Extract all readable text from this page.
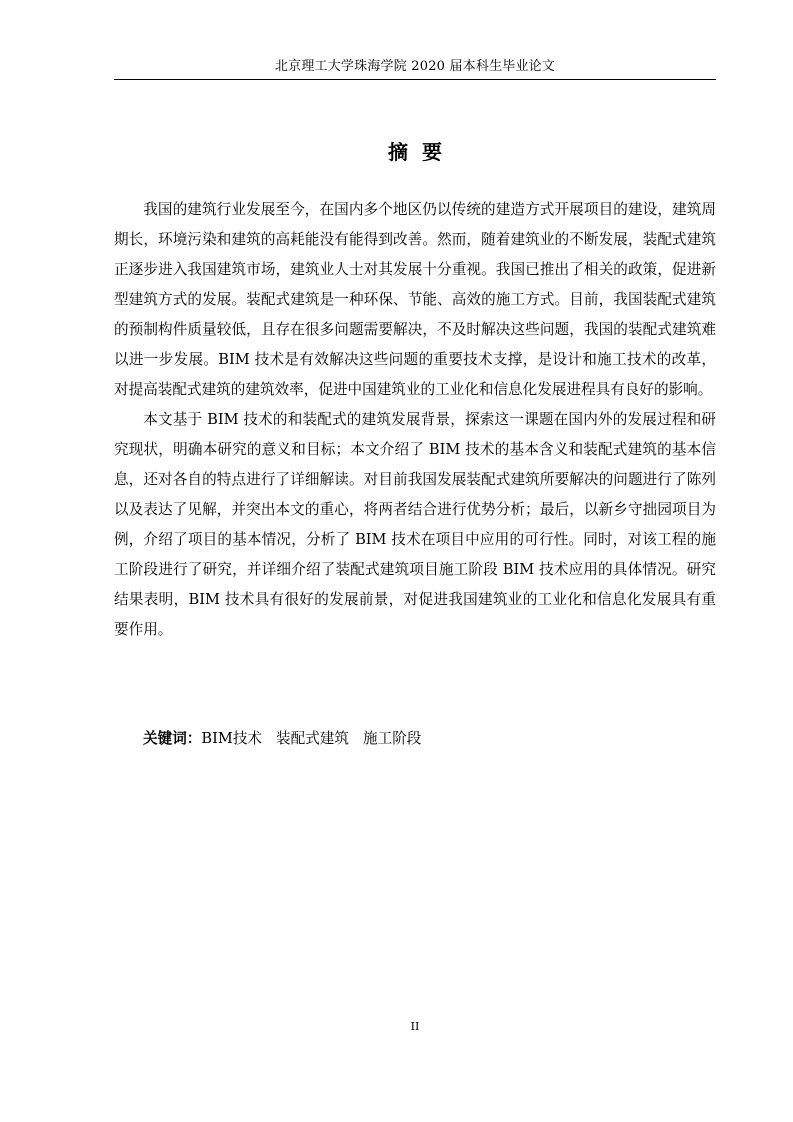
北京理工大学珠海学院 2020 届本科生毕业论文
摘  要

我国的建筑行业发展至今，在国内多个地区仍以传统的建造方式开展项目的建设，建筑周期长，环境污染和建筑的高耗能没有能得到改善。然而，随着建筑业的不断发展，装配式建筑正逐步进入我国建筑市场，建筑业人士对其发展十分重视。我国已推出了相关的政策，促进新型建筑方式的发展。装配式建筑是一种环保、节能、高效的施工方式。目前，我国装配式建筑的预制构件质量较低，且存在很多问题需要解决，不及时解决这些问题，我国的装配式建筑难以进一步发展。BIM 技术是有效解决这些问题的重要技术支撑，是设计和施工技术的改革，对提高装配式建筑的建筑效率，促进中国建筑业的工业化和信息化发展进程具有良好的影响。

本文基于 BIM 技术的和装配式的建筑发展背景，探索这一课题在国内外的发展过程和研究现状，明确本研究的意义和目标；本文介绍了 BIM 技术的基本含义和装配式建筑的基本信息，还对各自的特点进行了详细解读。对目前我国发展装配式建筑所要解决的问题进行了陈列以及表达了见解，并突出本文的重心，将两者结合进行优势分析；最后，以新乡守拙园项目为例，介绍了项目的基本情况，分析了 BIM 技术在项目中应用的可行性。同时，对该工程的施工阶段进行了研究，并详细介绍了装配式建筑项目施工阶段 BIM 技术应用的具体情况。研究结果表明，BIM 技术具有很好的发展前景，对促进我国建筑业的工业化和信息化发展具有重要作用。

关键词：BIM技术 装配式建筑 施工阶段
II
